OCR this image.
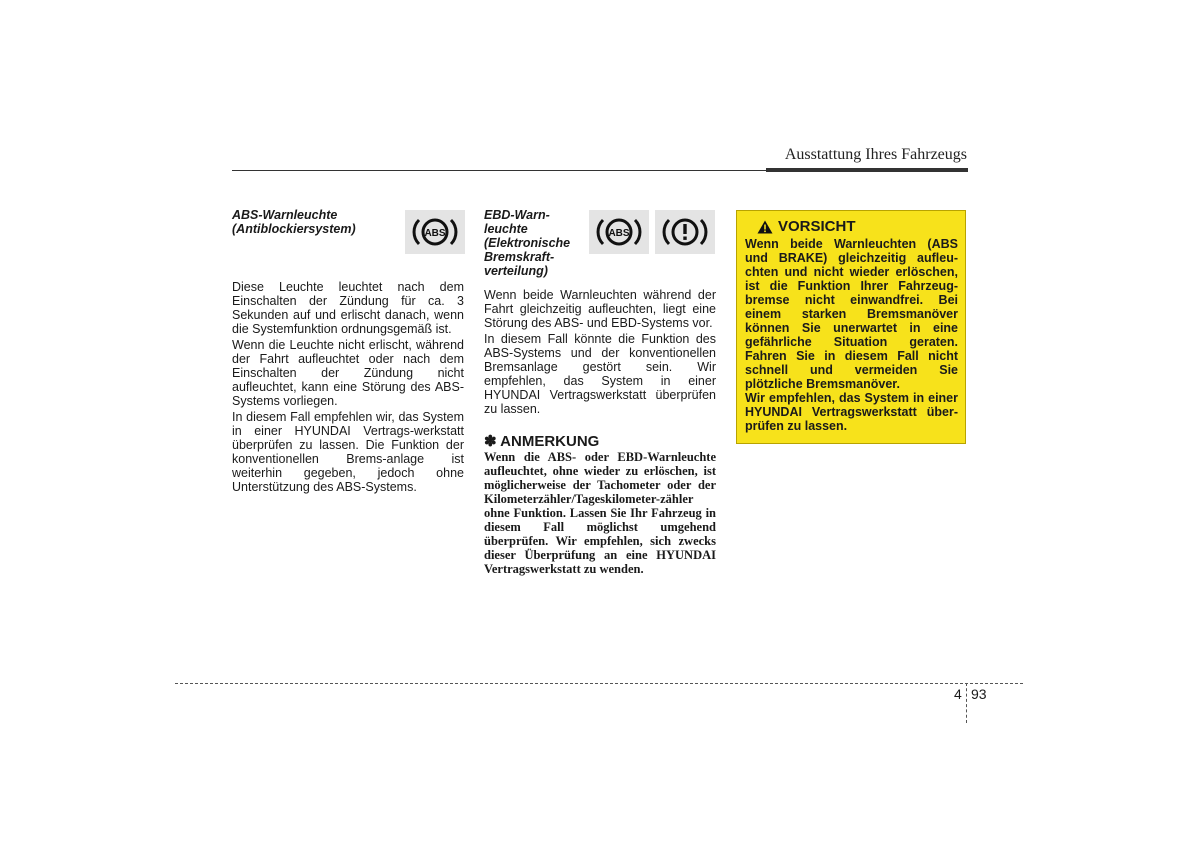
Ausstattung Ihres Fahrzeugs
ABS-Warnleuchte
(Antiblockiersystem)

Diese Leuchte leuchtet nach dem Einschalten der Zündung für ca. 3 Sekunden auf und erlischt danach, wenn die Systemfunktion ordnungsgemäß ist.

Wenn die Leuchte nicht erlischt, während der Fahrt aufleuchtet oder nach dem Einschalten der Zündung nicht aufleuchtet, kann eine Störung des ABS-Systems vorliegen.

In diesem Fall empfehlen wir, das System in einer HYUNDAI Vertrags-werkstatt überprüfen zu lassen. Die Funktion der konventionellen Brems-anlage ist weiterhin gegeben, jedoch ohne Unterstützung des ABS-Systems.

ABS
EBD-Warn-
leuchte
(Elektronische
Bremskraft-
verteilung)

Wenn beide Warnleuchten während der Fahrt gleichzeitig aufleuchten, liegt eine Störung des ABS- und EBD-Systems vor.

In diesem Fall könnte die Funktion des ABS-Systems und der konventionellen Bremsanlage gestört sein. Wir empfehlen, das System in einer HYUNDAI Vertragswerkstatt überprüfen zu lassen.

✽ ANMERKUNG

Wenn die ABS- oder EBD-Warnleuchte aufleuchtet, ohne wieder zu erlöschen, ist möglicherweise der Tachometer oder der Kilometerzähler/Tageskilometer-zähler ohne Funktion. Lassen Sie Ihr Fahrzeug in diesem Fall möglichst umgehend überprüfen. Wir empfehlen, sich zwecks dieser Überprüfung an eine HYUNDAI Vertragswerkstatt zu wenden.

ABS	VORSICHT

Wenn beide Warnleuchten (ABS und BRAKE) gleichzeitig aufleu-chten und nicht wieder erlöschen, ist die Funktion Ihrer Fahrzeug-bremse nicht einwandfrei. Bei einem starken Bremsmanöver können Sie unerwartet in eine gefährliche Situation geraten. Fahren Sie in diesem Fall nicht schnell und vermeiden Sie plötzliche Bremsmanöver.

Wir empfehlen, das System in einer HYUNDAI Vertragswerkstatt über-prüfen zu lassen.

4 93
